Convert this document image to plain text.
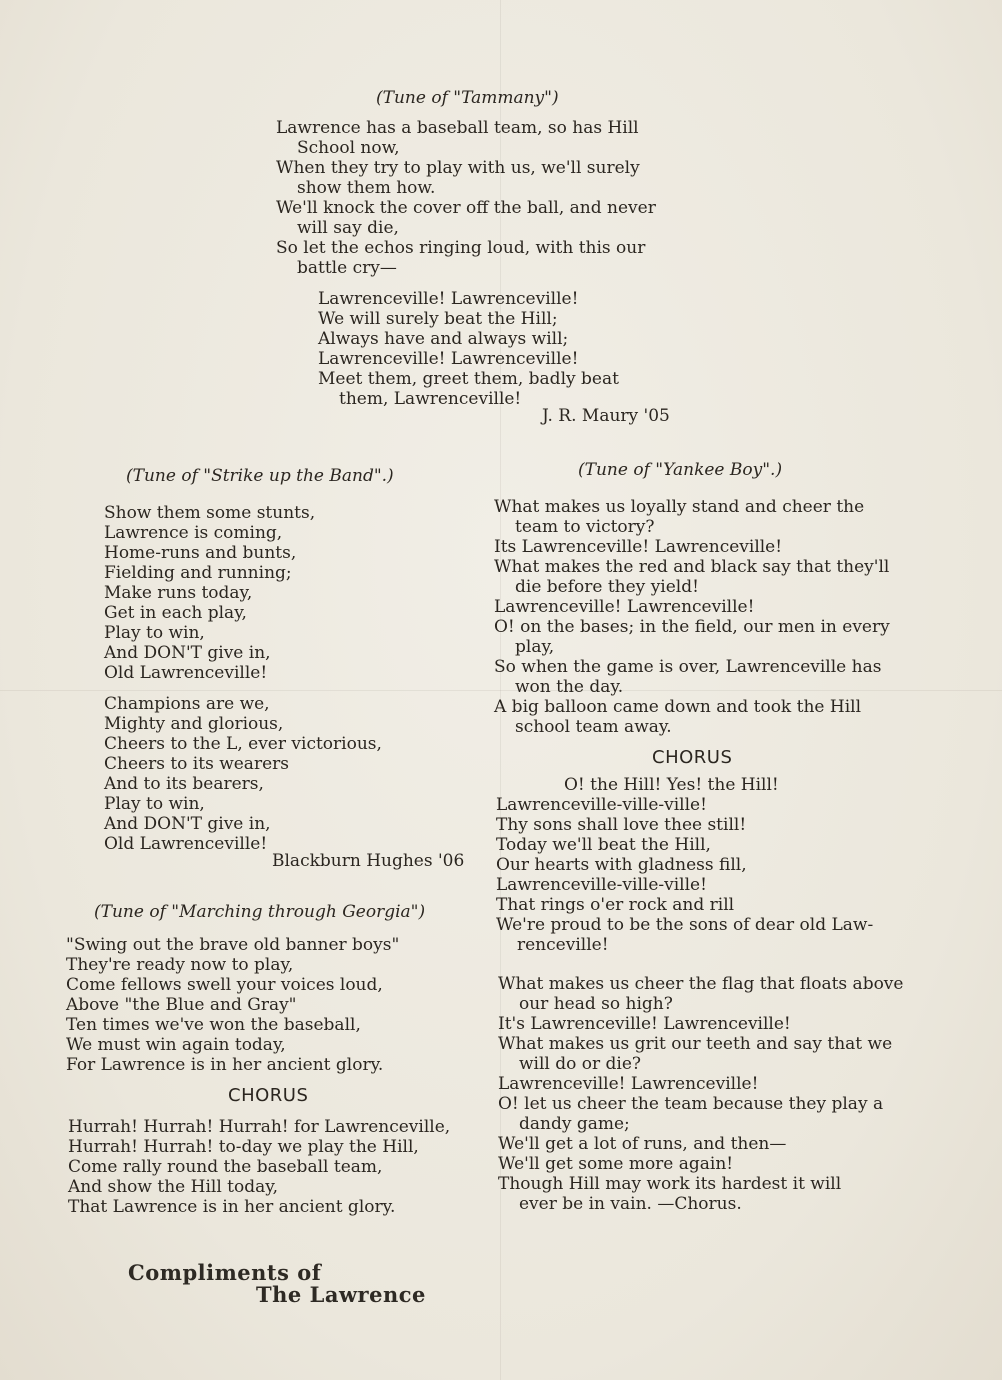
(Tune of "Tammany")
Lawrence has a baseball team, so has Hill
School now,
When they try to play with us, we'll surely
show them how.
We'll knock the cover off the ball, and never
will say die,
So let the echos ringing loud, with this our
battle cry—
Lawrenceville! Lawrenceville!
We will surely beat the Hill;
Always have and always will;
Lawrenceville! Lawrenceville!
Meet them, greet them, badly beat
them, Lawrenceville!
J. R. Maury '05
(Tune of "Strike up the Band".)
Show them some stunts,
Lawrence is coming,
Home-runs and bunts,
Fielding and running;
Make runs today,
Get in each play,
Play to win,
And DON'T give in,
Old Lawrenceville!
Champions are we,
Mighty and glorious,
Cheers to the L, ever victorious,
Cheers to its wearers
And to its bearers,
Play to win,
And DON'T give in,
Old Lawrenceville!
Blackburn Hughes '06
(Tune of "Marching through Georgia")
"Swing out the brave old banner boys"
They're ready now to play,
Come fellows swell your voices loud,
Above "the Blue and Gray"
Ten times we've won the baseball,
We must win again today,
For Lawrence is in her ancient glory.
CHORUS
Hurrah! Hurrah! Hurrah! for Lawrenceville,
Hurrah! Hurrah! to-day we play the Hill,
Come rally round the baseball team,
And show the Hill today,
That Lawrence is in her ancient glory.
(Tune of "Yankee Boy".)
What makes us loyally stand and cheer the
team to victory?
Its Lawrenceville! Lawrenceville!
What makes the red and black say that they'll
die before they yield!
Lawrenceville! Lawrenceville!
O! on the bases; in the field, our men in every
play,
So when the game is over, Lawrenceville has
won the day.
A big balloon came down and took the Hill
school team away.
CHORUS
O! the Hill! Yes! the Hill!
Lawrenceville-ville-ville!
Thy sons shall love thee still!
Today we'll beat the Hill,
Our hearts with gladness fill,
Lawrenceville-ville-ville!
That rings o'er rock and rill
We're proud to be the sons of dear old Law-
renceville!
What makes us cheer the flag that floats above
our head so high?
It's Lawrenceville! Lawrenceville!
What makes us grit our teeth and say that we
will do or die?
Lawrenceville! Lawrenceville!
O! let us cheer the team because they play a
dandy game;
We'll get a lot of runs, and then—
We'll get some more again!
Though Hill may work its hardest it will
ever be in vain. —Chorus.
Compliments of
The Lawrence
